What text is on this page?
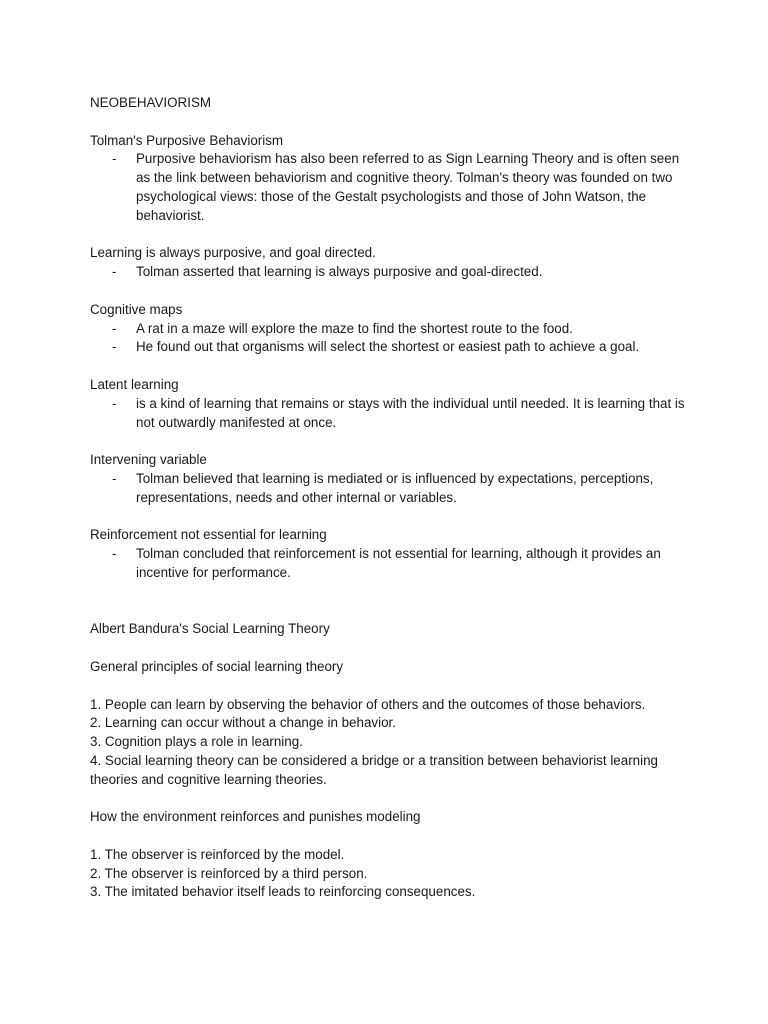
NEOBEHAVIORISM
Tolman's Purposive Behaviorism
- Purposive behaviorism has also been referred to as Sign Learning Theory and is often seen as the link between behaviorism and cognitive theory. Tolman's theory was founded on two psychological views: those of the Gestalt psychologists and those of John Watson, the behaviorist.
Learning is always purposive, and goal directed.
- Tolman asserted that learning is always purposive and goal-directed.
Cognitive maps
- A rat in a maze will explore the maze to find the shortest route to the food.
- He found out that organisms will select the shortest or easiest path to achieve a goal.
Latent learning
- is a kind of learning that remains or stays with the individual until needed. It is learning that is not outwardly manifested at once.
Intervening variable
- Tolman believed that learning is mediated or is influenced by expectations, perceptions, representations, needs and other internal or variables.
Reinforcement not essential for learning
- Tolman concluded that reinforcement is not essential for learning, although it provides an incentive for performance.
Albert Bandura's Social Learning Theory
General principles of social learning theory
1. People can learn by observing the behavior of others and the outcomes of those behaviors.
2. Learning can occur without a change in behavior.
3. Cognition plays a role in learning.
4. Social learning theory can be considered a bridge or a transition between behaviorist learning theories and cognitive learning theories.
How the environment reinforces and punishes modeling
1. The observer is reinforced by the model.
2. The observer is reinforced by a third person.
3. The imitated behavior itself leads to reinforcing consequences.
